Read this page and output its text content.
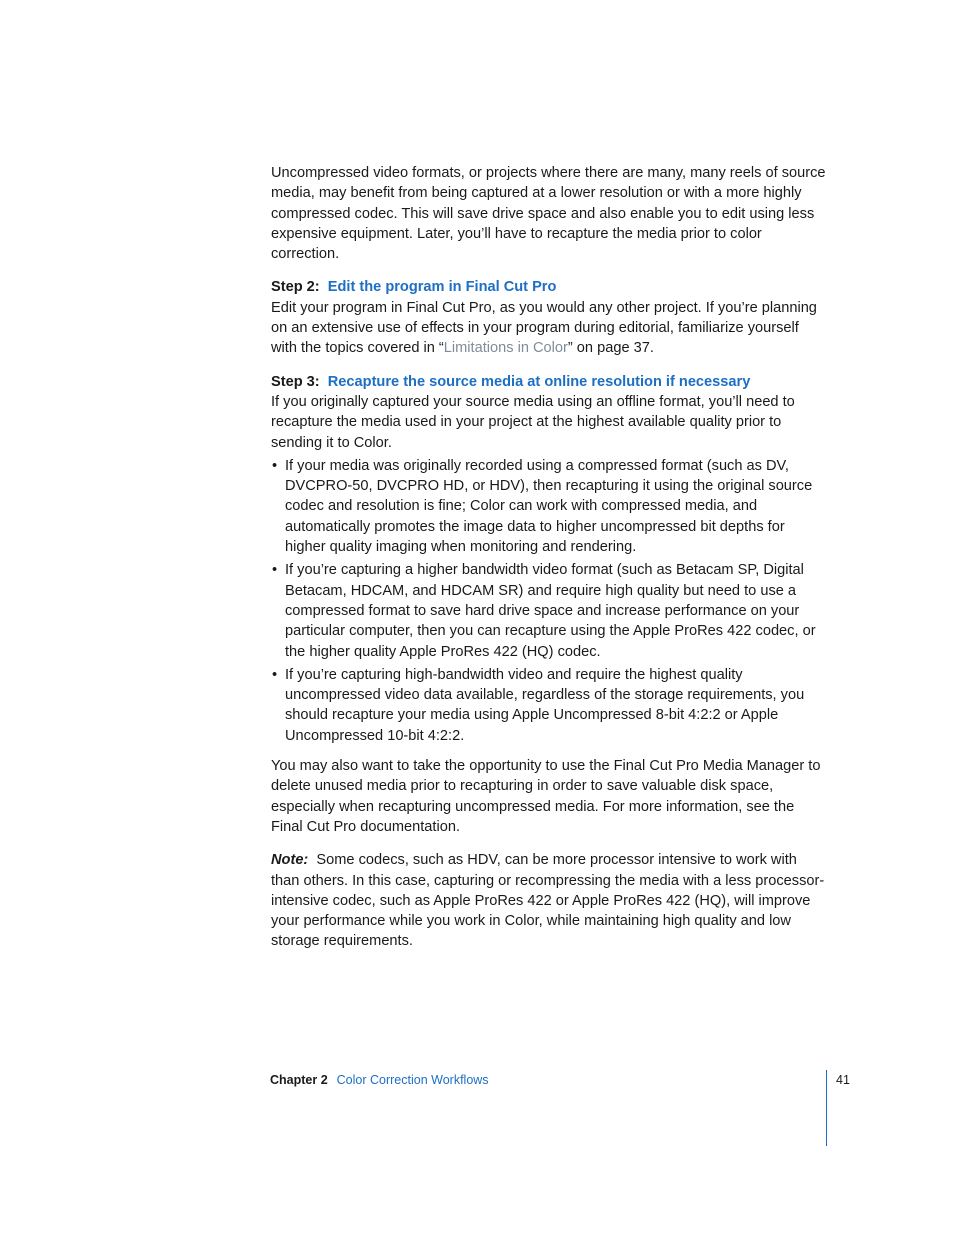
Uncompressed video formats, or projects where there are many, many reels of source media, may benefit from being captured at a lower resolution or with a more highly compressed codec. This will save drive space and also enable you to edit using less expensive equipment. Later, you’ll have to recapture the media prior to color correction.

Step 2: Edit the program in Final Cut Pro

Edit your program in Final Cut Pro, as you would any other project. If you’re planning on an extensive use of effects in your program during editorial, familiarize yourself with the topics covered in “Limitations in Color” on page 37.

Step 3: Recapture the source media at online resolution if necessary

If you originally captured your source media using an offline format, you’ll need to recapture the media used in your project at the highest available quality prior to sending it to Color.

• If your media was originally recorded using a compressed format (such as DV, DVCPRO-50, DVCPRO HD, or HDV), then recapturing it using the original source codec and resolution is fine; Color can work with compressed media, and automatically promotes the image data to higher uncompressed bit depths for higher quality imaging when monitoring and rendering.
• If you’re capturing a higher bandwidth video format (such as Betacam SP, Digital Betacam, HDCAM, and HDCAM SR) and require high quality but need to use a compressed format to save hard drive space and increase performance on your particular computer, then you can recapture using the Apple ProRes 422 codec, or the higher quality Apple ProRes 422 (HQ) codec.
• If you’re capturing high-bandwidth video and require the highest quality uncompressed video data available, regardless of the storage requirements, you should recapture your media using Apple Uncompressed 8-bit 4:2:2 or Apple Uncompressed 10-bit 4:2:2.

You may also want to take the opportunity to use the Final Cut Pro Media Manager to delete unused media prior to recapturing in order to save valuable disk space, especially when recapturing uncompressed media. For more information, see the Final Cut Pro documentation.

Note: Some codecs, such as HDV, can be more processor intensive to work with than others. In this case, capturing or recompressing the media with a less processor-intensive codec, such as Apple ProRes 422 or Apple ProRes 422 (HQ), will improve your performance while you work in Color, while maintaining high quality and low storage requirements.

Chapter 2 Color Correction Workflows	41
